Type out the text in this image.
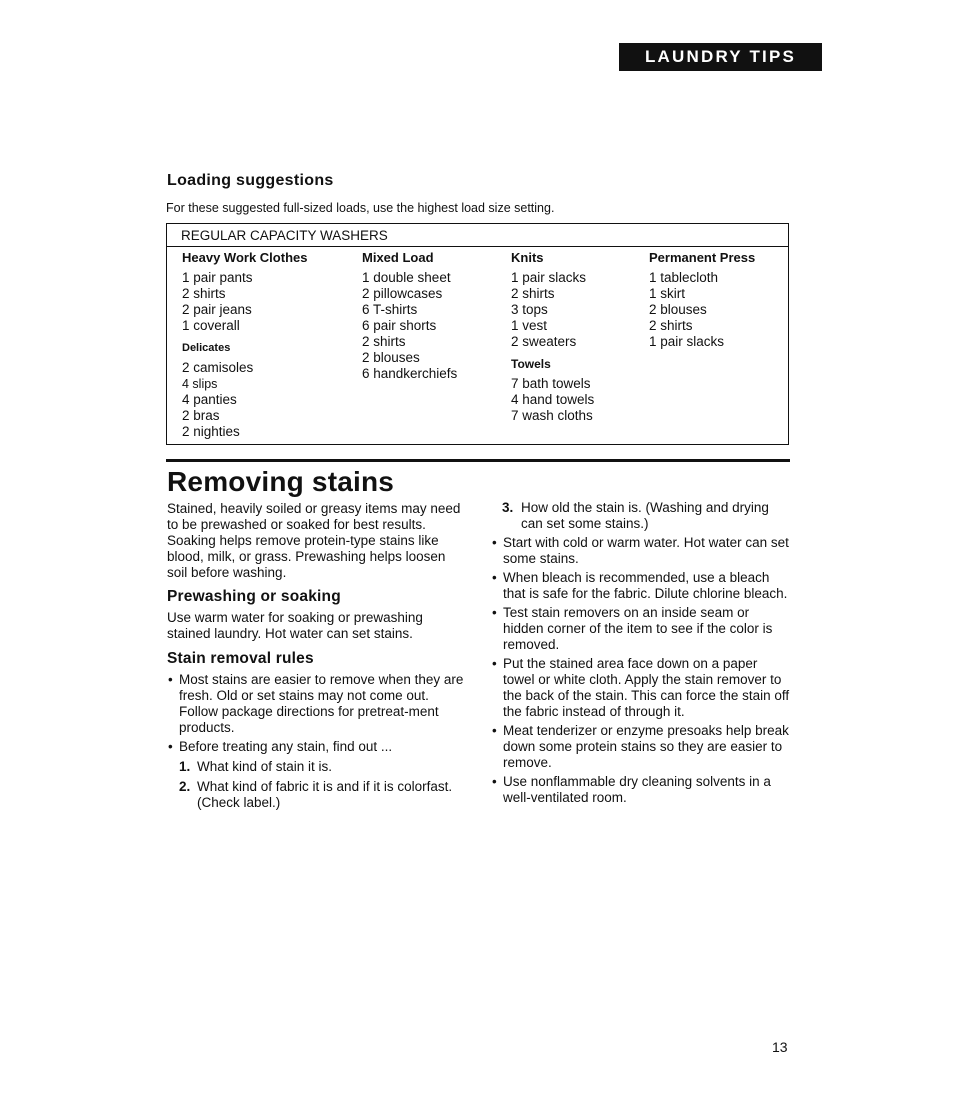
LAUNDRY TIPS
Loading suggestions

For these suggested full-sized loads, use the highest load size setting.

REGULAR CAPACITY WASHERS
Heavy Work Clothes
1 pair pants
2 shirts
2 pair jeans
1 coverall
Delicates
2 camisoles
4 slips
4 panties
2 bras
2 nighties
Mixed Load
1 double sheet
2 pillowcases
6 T-shirts
6 pair shorts
2 shirts
2 blouses
6 handkerchiefs
Knits
1 pair slacks
2 shirts
3 tops
1 vest
2 sweaters
Towels
7 bath towels
4 hand towels
7 wash cloths
Permanent Press
1 tablecloth
1 skirt
2 blouses
2 shirts
1 pair slacks
Removing stains

Stained, heavily soiled or greasy items may need to be prewashed or soaked for best results. Soaking helps remove protein-type stains like blood, milk, or grass. Prewashing helps loosen soil before washing.

Prewashing or soaking

Use warm water for soaking or prewashing stained laundry. Hot water can set stains.

Stain removal rules

• Most stains are easier to remove when they are fresh. Old or set stains may not come out. Follow package directions for pretreat-ment products.
• Before treating any stain, find out ...
1. What kind of stain it is.
2. What kind of fabric it is and if it is colorfast. (Check label.)
3. How old the stain is. (Washing and drying can set some stains.)
• Start with cold or warm water. Hot water can set some stains.
• When bleach is recommended, use a bleach that is safe for the fabric. Dilute chlorine bleach.
• Test stain removers on an inside seam or hidden corner of the item to see if the color is removed.
• Put the stained area face down on a paper towel or white cloth. Apply the stain remover to the back of the stain. This can force the stain off the fabric instead of through it.
• Meat tenderizer or enzyme presoaks help break down some protein stains so they are easier to remove.
• Use nonflammable dry cleaning solvents in a well-ventilated room.
13
